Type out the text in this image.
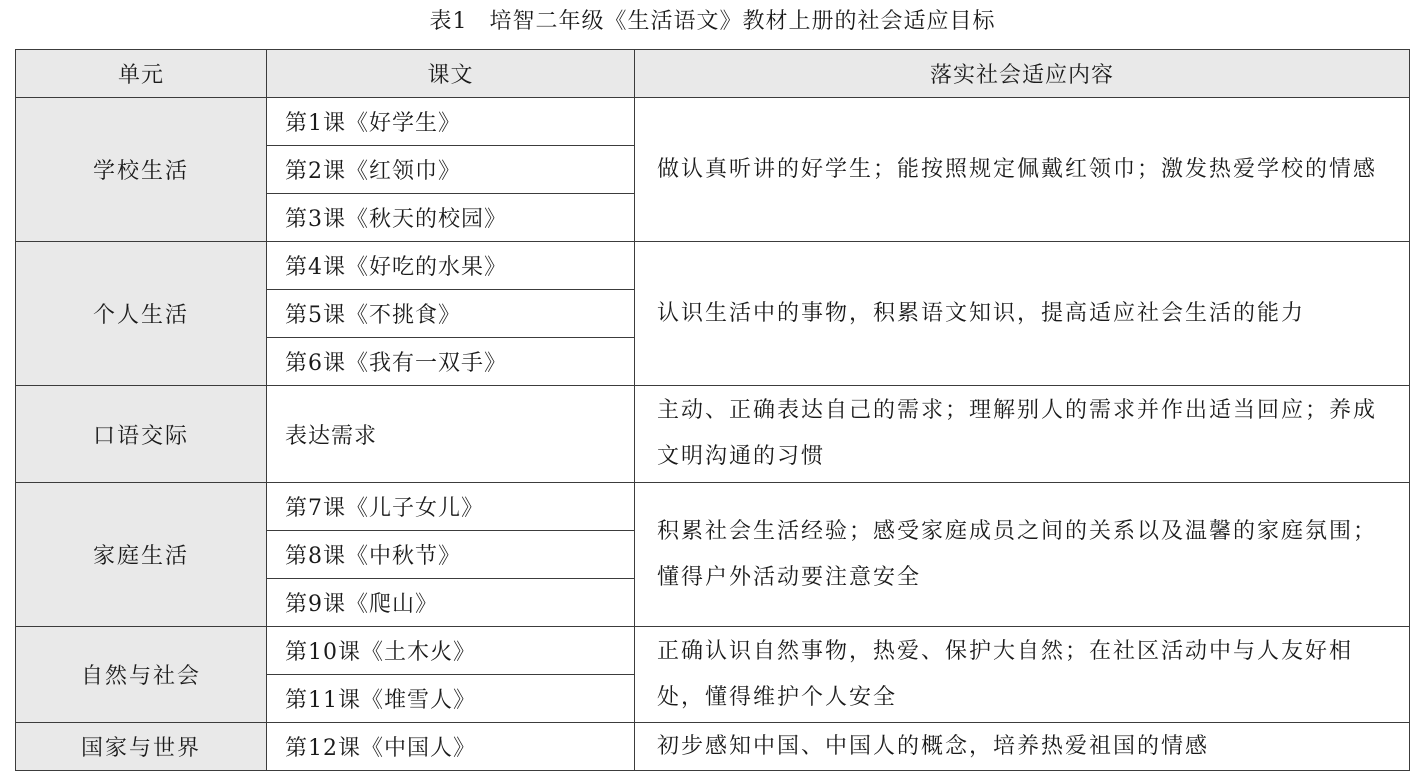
表1 培智二年级《生活语文》教材上册的社会适应目标
单元	课文	落实社会适应内容
学校生活	第1课《好学生》	做认真听讲的好学生；能按照规定佩戴红领巾；激发热爱学校的情感
	第2课《红领巾》	
	第3课《秋天的校园》	
个人生活	第4课《好吃的水果》	认识生活中的事物，积累语文知识，提高适应社会生活的能力
	第5课《不挑食》	
	第6课《我有一双手》	
口语交际	表达需求	主动、正确表达自己的需求；理解别人的需求并作出适当回应；养成文明沟通的习惯
家庭生活	第7课《儿子女儿》	积累社会生活经验；感受家庭成员之间的关系以及温馨的家庭氛围；懂得户外活动要注意安全
	第8课《中秋节》	
	第9课《爬山》	
自然与社会	第10课《土木火》	正确认识自然事物，热爱、保护大自然；在社区活动中与人友好相处，懂得维护个人安全
	第11课《堆雪人》	
国家与世界	第12课《中国人》	初步感知中国、中国人的概念，培养热爱祖国的情感
